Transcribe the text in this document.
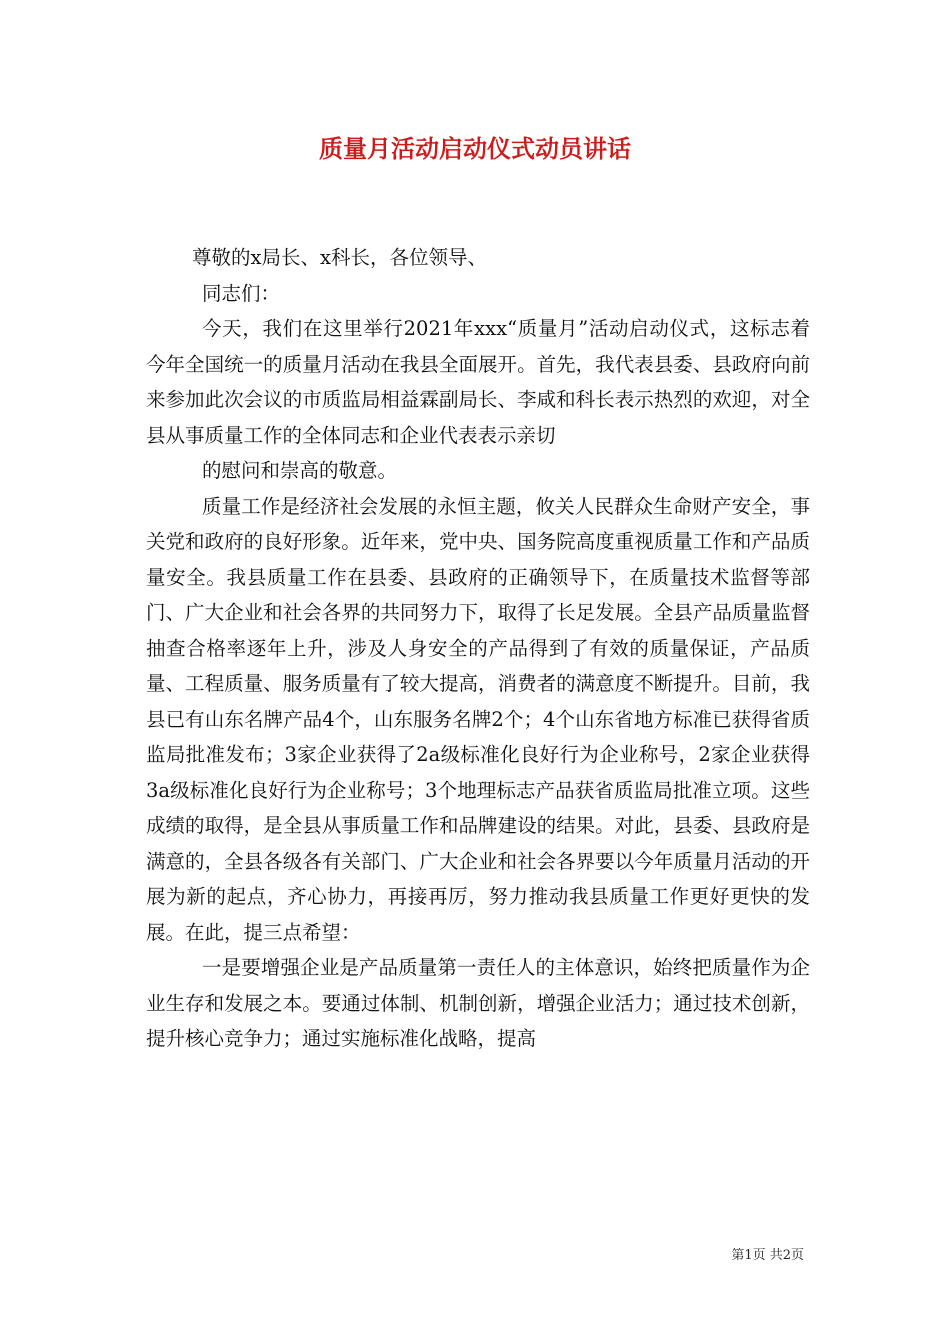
质量月活动启动仪式动员讲话

尊敬的x局长、x科长，各位领导、

同志们：

今天，我们在这里举行2021年xxx“质量月”活动启动仪式，这标志着今年全国统一的质量月活动在我县全面展开。首先，我代表县委、县政府向前来参加此次会议的市质监局相益霖副局长、李咸和科长表示热烈的欢迎，对全县从事质量工作的全体同志和企业代表表示亲切

的慰问和崇高的敬意。

质量工作是经济社会发展的永恒主题，攸关人民群众生命财产安全，事关党和政府的良好形象。近年来，党中央、国务院高度重视质量工作和产品质量安全。我县质量工作在县委、县政府的正确领导下，在质量技术监督等部门、广大企业和社会各界的共同努力下，取得了长足发展。全县产品质量监督抽查合格率逐年上升，涉及人身安全的产品得到了有效的质量保证，产品质量、工程质量、服务质量有了较大提高，消费者的满意度不断提升。目前，我县已有山东名牌产品4个，山东服务名牌2个；4个山东省地方标准已获得省质监局批准发布；3家企业获得了2a级标准化良好行为企业称号，2家企业获得3a级标准化良好行为企业称号；3个地理标志产品获省质监局批准立项。这些成绩的取得，是全县从事质量工作和品牌建设的结果。对此，县委、县政府是满意的，全县各级各有关部门、广大企业和社会各界要以今年质量月活动的开展为新的起点，齐心协力，再接再厉，努力推动我县质量工作更好更快的发展。在此，提三点希望：

一是要增强企业是产品质量第一责任人的主体意识，始终把质量作为企业生存和发展之本。要通过体制、机制创新，增强企业活力；通过技术创新，提升核心竞争力；通过实施标准化战略，提高

第1页 共2页
